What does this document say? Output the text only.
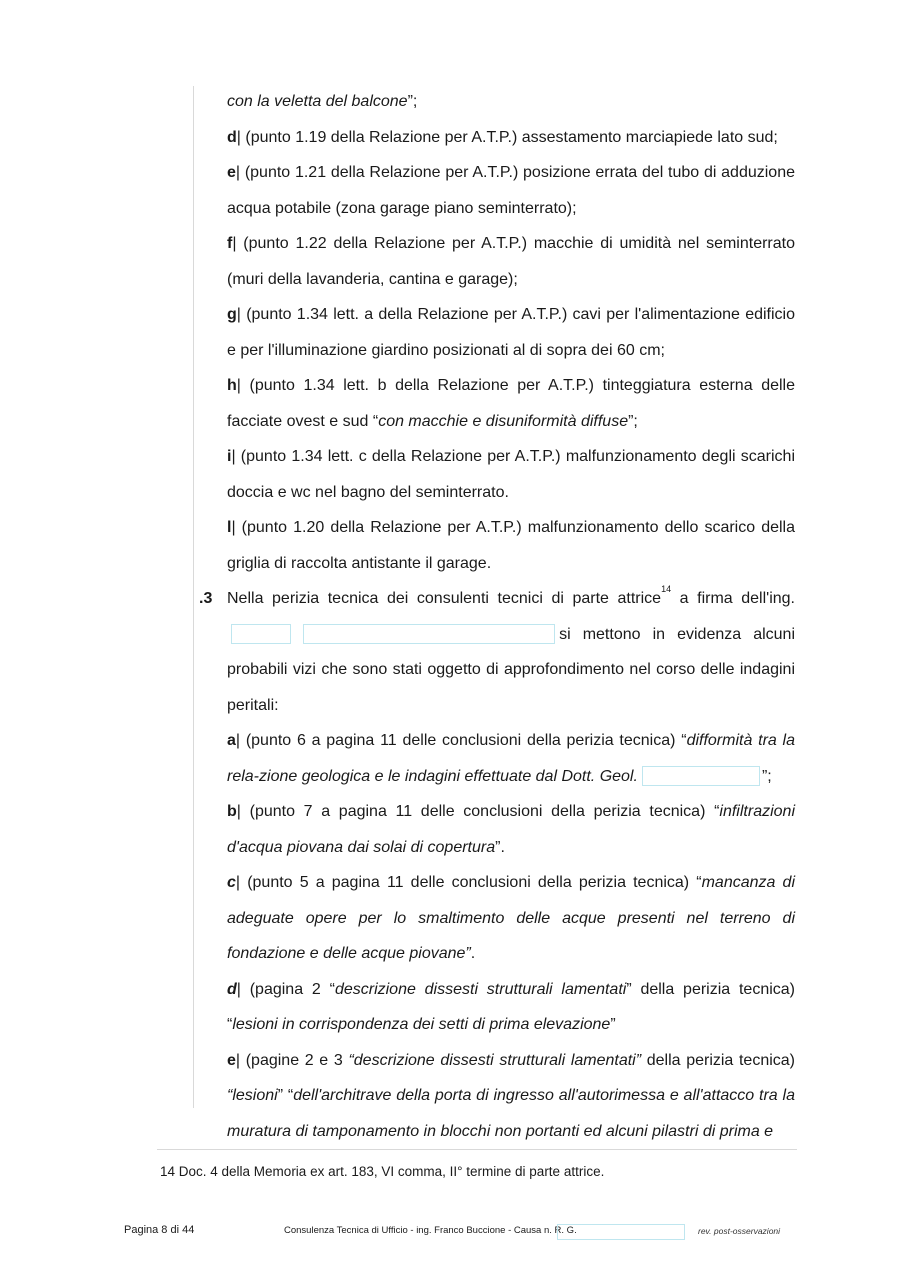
con la veletta del balcone”;

d| (punto 1.19 della Relazione per A.T.P.) assestamento marciapiede lato sud;

e| (punto 1.21 della Relazione per A.T.P.) posizione errata del tubo di adduzione acqua potabile (zona garage piano seminterrato);

f| (punto 1.22 della Relazione per A.T.P.) macchie di umidità nel seminterrato (muri della lavanderia, cantina e garage);

g| (punto 1.34 lett. a della Relazione per A.T.P.) cavi per l'alimentazione edificio e per l'illuminazione giardino posizionati al di sopra dei 60 cm;

h| (punto 1.34 lett. b della Relazione per A.T.P.) tinteggiatura esterna delle facciate ovest e sud “con macchie e disuniformità diffuse”;

i| (punto 1.34 lett. c della Relazione per A.T.P.) malfunzionamento degli scarichi doccia e wc nel bagno del seminterrato.

l| (punto 1.20 della Relazione per A.T.P.) malfunzionamento dello scarico della griglia di raccolta antistante il garage.

.3 Nella perizia tecnica dei consulenti tecnici di parte attrice$^{14}$ a firma dell'ing. si mettono in evidenza alcuni probabili vizi che sono stati oggetto di approfondimento nel corso delle indagini peritali:

a| (punto 6 a pagina 11 delle conclusioni della perizia tecnica) “difformità tra la rela-zione geologica e le indagini effettuate dal Dott. Geol.	”;

b| (punto 7 a pagina 11 delle conclusioni della perizia tecnica) “infiltrazioni d'acqua piovana dai solai di copertura”.

c| (punto 5 a pagina 11 delle conclusioni della perizia tecnica) “mancanza di adeguate opere per lo smaltimento delle acque presenti nel terreno di fondazione e delle acque piovane”.

d| (pagina 2 “descrizione dissesti strutturali lamentati” della perizia tecnica) “lesioni in corrispondenza dei setti di prima elevazione”

e| (pagine 2 e 3 “descrizione dissesti strutturali lamentati” della perizia tecnica) “lesioni” “dell'architrave della porta di ingresso all'autorimessa e all'attacco tra la muratura di tamponamento in blocchi non portanti ed alcuni pilastri di prima e

14 Doc. 4 della Memoria ex art. 183, VI comma, II° termine di parte attrice.
Pagina 8 di 44	Consulenza Tecnica di Ufficio - ing. Franco Buccione - Causa n. R. G.	rev. post-osservazioni
